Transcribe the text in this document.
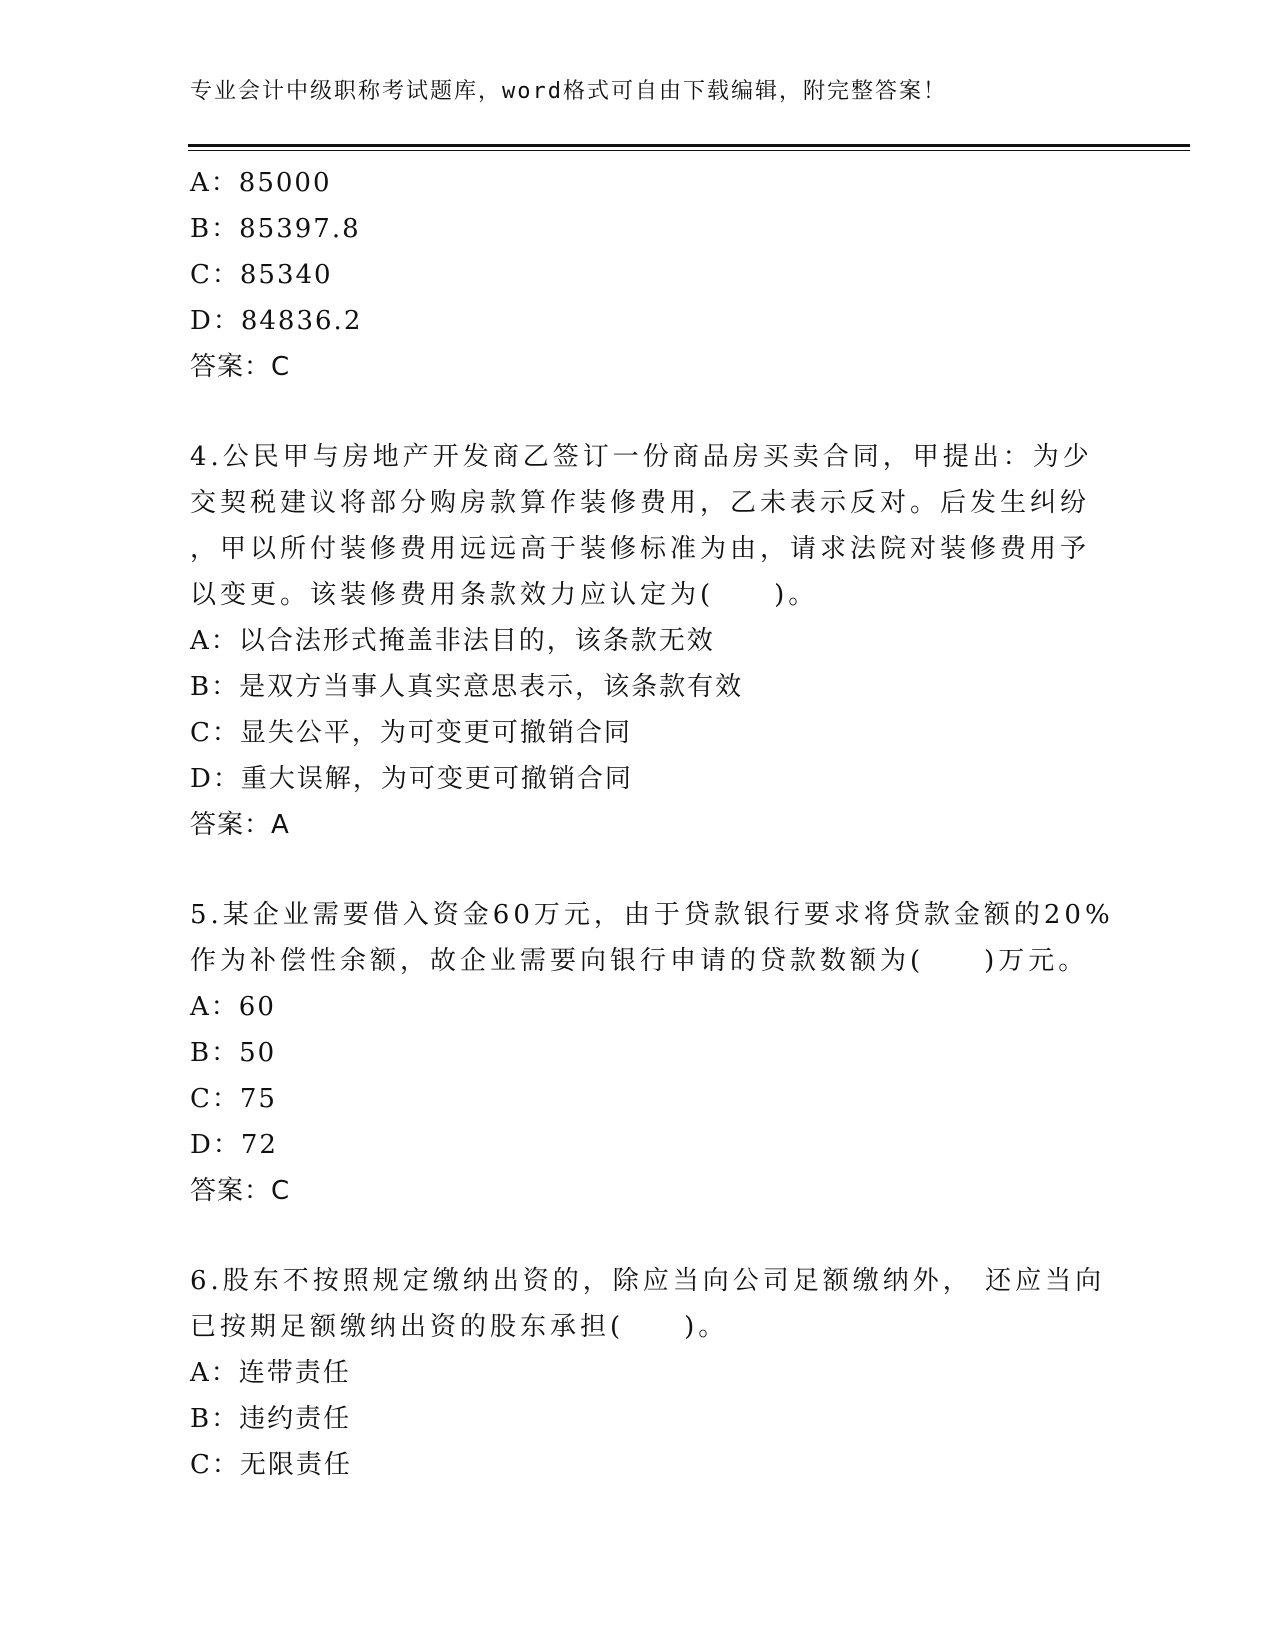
专业会计中级职称考试题库，word格式可自由下载编辑，附完整答案！
A：85000
B：85397.8
C：85340
D：84836.2
答案：C
4.公民甲与房地产开发商乙签订一份商品房买卖合同，甲提出：为少
交契税建议将部分购房款算作装修费用，乙未表示反对。后发生纠纷
，甲以所付装修费用远远高于装修标准为由，请求法院对装修费用予
以变更。该装修费用条款效力应认定为(　　)。
A：以合法形式掩盖非法目的，该条款无效
B：是双方当事人真实意思表示，该条款有效
C：显失公平，为可变更可撤销合同
D：重大误解，为可变更可撤销合同
答案：A
5.某企业需要借入资金60万元，由于贷款银行要求将贷款金额的20%
作为补偿性余额，故企业需要向银行申请的贷款数额为(　　)万元。
A：60
B：50
C：75
D：72
答案：C
6.股东不按照规定缴纳出资的，除应当向公司足额缴纳外， 还应当向
已按期足额缴纳出资的股东承担(　　)。
A：连带责任
B：违约责任
C：无限责任
